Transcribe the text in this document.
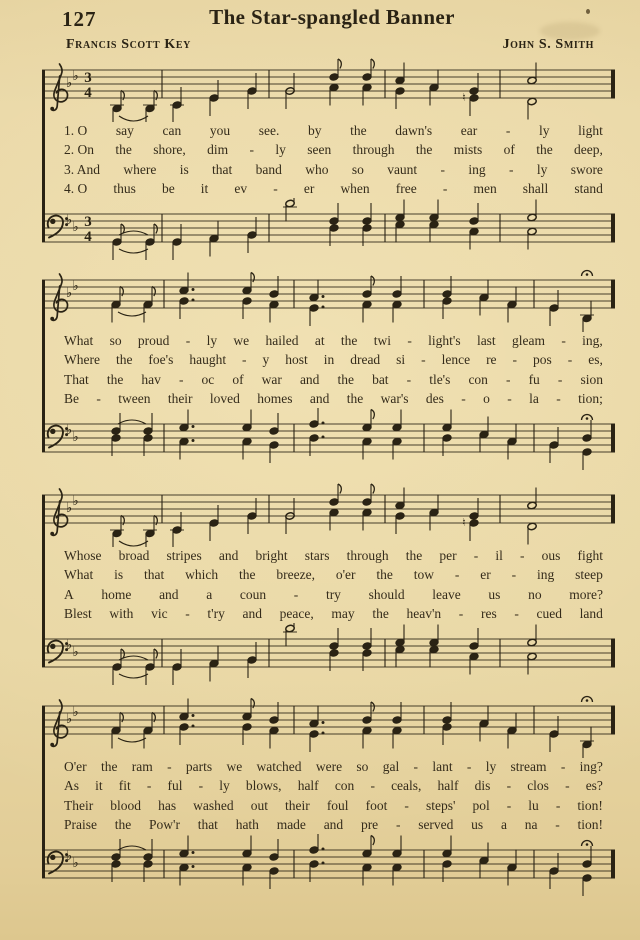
127	The Star-spangled Banner
Francis Scott Key	John S. Smith
♭ ♭ 3
4	♮
1. O say can you see. by the dawn's ear - ly light
2. On the shore, dim - ly seen through the mists of the deep,
3. And where is that band who so vaunt - ing - ly swore
4. O thus be it ev - er when free - men shall stand
♭ ♭ 3
4
♭ ♭
What so proud - ly we hailed at the twi - light's last gleam - ing,
Where the foe's haught - y host in dread si - lence re - pos - es,
That the hav - oc of war and the bat - tle's con - fu - sion
Be - tween their loved homes and the war's des - o - la - tion;
♭ ♭
♭ ♭
♮
Whose broad stripes and bright stars through the per - il - ous fight
What is that which the breeze, o'er the tow - er - ing steep
A home and a coun - try should leave us no more?
Blest with vic - t'ry and peace, may the heav'n - res - cued land
♭ ♭
♭ ♭
O'er the ram - parts we watched were so gal - lant - ly stream - ing?
As it fit - ful - ly blows, half con - ceals, half dis - clos - es?
Their blood has washed out their foul foot - steps' pol - lu - tion!
Praise the Pow'r that hath made and pre - served us a na - tion!
♭ ♭
